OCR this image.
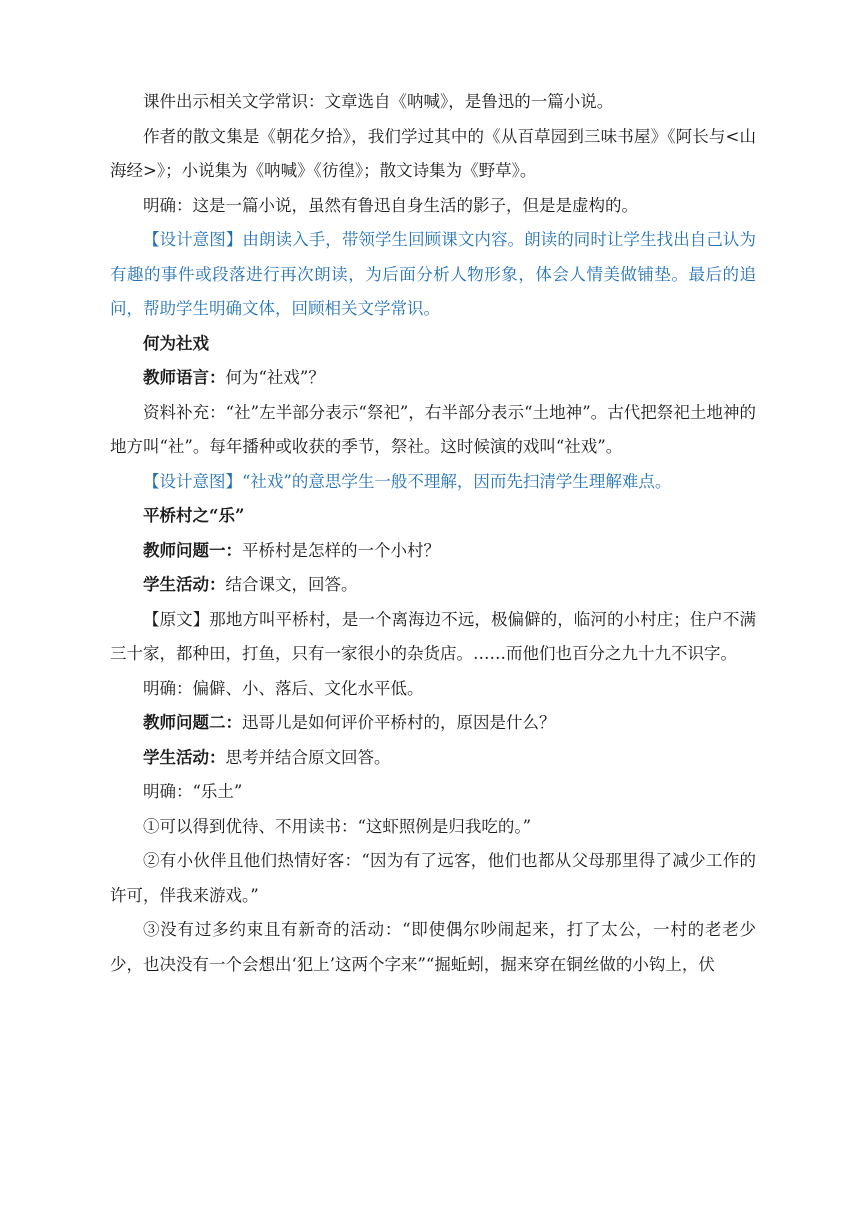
课件出示相关文学常识：文章选自《呐喊》，是鲁迅的一篇小说。

作者的散文集是《朝花夕拾》，我们学过其中的《从百草园到三味书屋》《阿长与<山海经>》；小说集为《呐喊》《彷徨》；散文诗集为《野草》。

明确：这是一篇小说，虽然有鲁迅自身生活的影子，但是是虚构的。

【设计意图】由朗读入手，带领学生回顾课文内容。朗读的同时让学生找出自己认为有趣的事件或段落进行再次朗读，为后面分析人物形象，体会人情美做铺垫。最后的追问，帮助学生明确文体，回顾相关文学常识。

何为社戏

教师语言：何为“社戏”？

资料补充：“社”左半部分表示“祭祀”，右半部分表示“土地神”。古代把祭祀土地神的地方叫“社”。每年播种或收获的季节，祭社。这时候演的戏叫“社戏”。

【设计意图】“社戏”的意思学生一般不理解，因而先扫清学生理解难点。

平桥村之“乐”

教师问题一：平桥村是怎样的一个小村？

学生活动：结合课文，回答。

【原文】那地方叫平桥村，是一个离海边不远，极偏僻的，临河的小村庄；住户不满三十家，都种田，打鱼，只有一家很小的杂货店。……而他们也百分之九十九不识字。

明确：偏僻、小、落后、文化水平低。

教师问题二：迅哥儿是如何评价平桥村的，原因是什么？

学生活动：思考并结合原文回答。

明确：“乐土”

①可以得到优待、不用读书：“这虾照例是归我吃的。”

②有小伙伴且他们热情好客：“因为有了远客，他们也都从父母那里得了减少工作的许可，伴我来游戏。”

③没有过多约束且有新奇的活动：“即使偶尔吵闹起来，打了太公，一村的老老少少，也决没有一个会想出‘犯上’这两个字来”“掘蚯蚓，掘来穿在铜丝做的小钩上，伏
